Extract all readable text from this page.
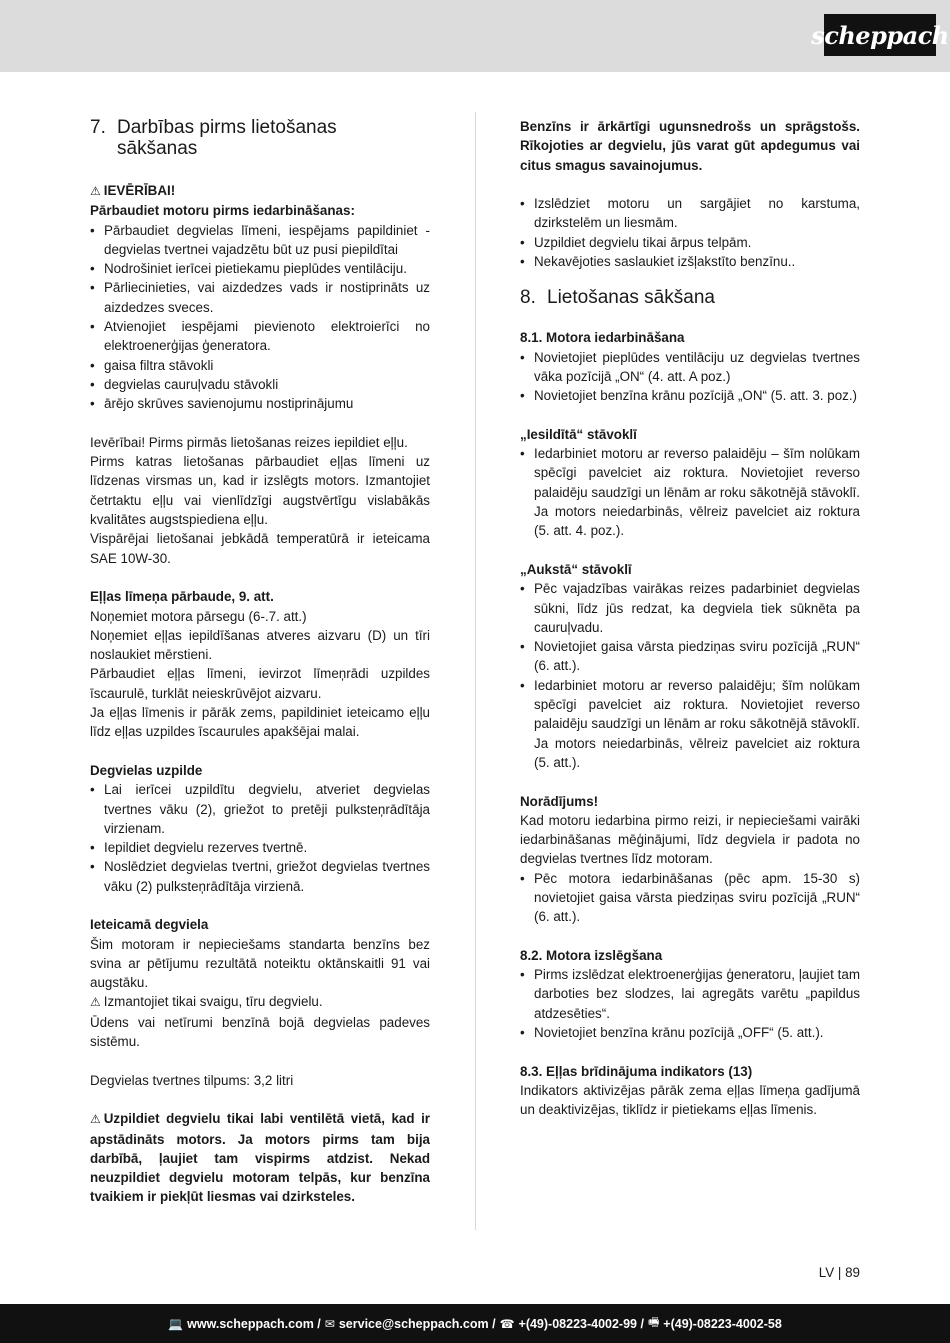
scheppach
7. Darbības pirms lietošanas
sākšanas

⚠ IEVĒRĪBAI!

Pārbaudiet motoru pirms iedarbināšanas:

• Pārbaudiet degvielas līmeni, iespējams papildiniet - degvielas tvertnei vajadzētu būt uz pusi piepildītai
• Nodrošiniet ierīcei pietiekamu pieplūdes ventilāciju.
• Pārliecinieties, vai aizdedzes vads ir nostiprināts uz aizdedzes sveces.
• Atvienojiet iespējami pievienoto elektroierīci no elektroenerģijas ģeneratora.
• gaisa filtra stāvokli
• degvielas cauruļvadu stāvokli
• ārējo skrūves savienojumu nostiprinājumu

Ievērībai! Pirms pirmās lietošanas reizes iepildiet eļļu.

Pirms katras lietošanas pārbaudiet eļļas līmeni uz līdzenas virsmas un, kad ir izslēgts motors. Izmantojiet četrtaktu eļļu vai vienlīdzīgi augstvērtīgu vislabākās kvalitātes augstspiediena eļļu.

Vispārējai lietošanai jebkādā temperatūrā ir ieteicama SAE 10W-30.

Eļļas līmeņa pārbaude, 9. att.

Noņemiet motora pārsegu (6-.7. att.)

Noņemiet eļļas iepildīšanas atveres aizvaru (D) un tīri noslaukiet mērstieni.

Pārbaudiet eļļas līmeni, ievirzot līmeņrādi uzpildes īscaurulē, turklāt neieskrūvējot aizvaru.

Ja eļļas līmenis ir pārāk zems, papildiniet ieteicamo eļļu līdz eļļas uzpildes īscaurules apakšējai malai.

Degvielas uzpilde

• Lai ierīcei uzpildītu degvielu, atveriet degvielas tvertnes vāku (2), griežot to pretēji pulksteņrādītāja virzienam.
• Iepildiet degvielu rezerves tvertnē.
• Noslēdziet degvielas tvertni, griežot degvielas tvertnes vāku (2) pulksteņrādītāja virzienā.

Ieteicamā degviela

Šim motoram ir nepieciešams standarta benzīns bez svina ar pētījumu rezultātā noteiktu oktānskaitli 91 vai augstāku.

⚠ Izmantojiet tikai svaigu, tīru degvielu.

Ūdens vai netīrumi benzīnā bojā degvielas padeves sistēmu.

Degvielas tvertnes tilpums: 3,2 litri

⚠ Uzpildiet degvielu tikai labi ventilētā vietā, kad ir apstādināts motors. Ja motors pirms tam bija darbībā, ļaujiet tam vispirms atdzist. Nekad neuzpildiet degvielu motoram telpās, kur benzīna tvaikiem ir piekļūt liesmas vai dzirksteles.

Benzīns ir ārkārtīgi ugunsnedrošs un sprāgstošs. Rīkojoties ar degvielu, jūs varat gūt apdegumus vai citus smagus savainojumus.

• Izslēdziet motoru un sargājiet no karstuma, dzirkstelēm un liesmām.
• Uzpildiet degvielu tikai ārpus telpām.
• Nekavējoties saslaukiet izšļakstīto benzīnu..
8. Lietošanas sākšana

8.1. Motora iedarbināšana

• Novietojiet pieplūdes ventilāciju uz degvielas tvertnes vāka pozīcijā „ON“ (4. att. A poz.)
• Novietojiet benzīna krānu pozīcijā „ON“ (5. att. 3. poz.)

„Iesildītā“ stāvoklī

• Iedarbiniet motoru ar reverso palaidēju – šīm nolūkam spēcīgi pavelciet aiz roktura. Novietojiet reverso palaidēju saudzīgi un lēnām ar roku sākotnējā stāvoklī. Ja motors neiedarbinās, vēlreiz pavelciet aiz roktura (5. att. 4. poz.).

„Aukstā“ stāvoklī

• Pēc vajadzības vairākas reizes padarbiniet degvielas sūkni, līdz jūs redzat, ka degviela tiek sūknēta pa cauruļvadu.
• Novietojiet gaisa vārsta piedziņas sviru pozīcijā „RUN“ (6. att.).
• Iedarbiniet motoru ar reverso palaidēju; šīm nolūkam spēcīgi pavelciet aiz roktura. Novietojiet reverso palaidēju saudzīgi un lēnām ar roku sākotnējā stāvoklī. Ja motors neiedarbinās, vēlreiz pavelciet aiz roktura (5. att.).

Norādījums!

Kad motoru iedarbina pirmo reizi, ir nepieciešami vairāki iedarbināšanas mēģinājumi, līdz degviela ir padota no degvielas tvertnes līdz motoram.

• Pēc motora iedarbināšanas (pēc apm. 15-30 s) novietojiet gaisa vārsta piedziņas sviru pozīcijā „RUN“ (6. att.).

8.2. Motora izslēgšana

• Pirms izslēdzat elektroenerģijas ģeneratoru, ļaujiet tam darboties bez slodzes, lai agregāts varētu „papildus atdzesēties“.
• Novietojiet benzīna krānu pozīcijā „OFF“ (5. att.).

8.3. Eļļas brīdinājuma indikators (13)

Indikators aktivizējas pārāk zema eļļas līmeņa gadījumā un deaktivizējas, tiklīdz ir pietiekams eļļas līmenis.

LV | 89
💻 www.scheppach.com / ✉ service@scheppach.com / ☎ +(49)-08223-4002-99 / 🖷 +(49)-08223-4002-58
